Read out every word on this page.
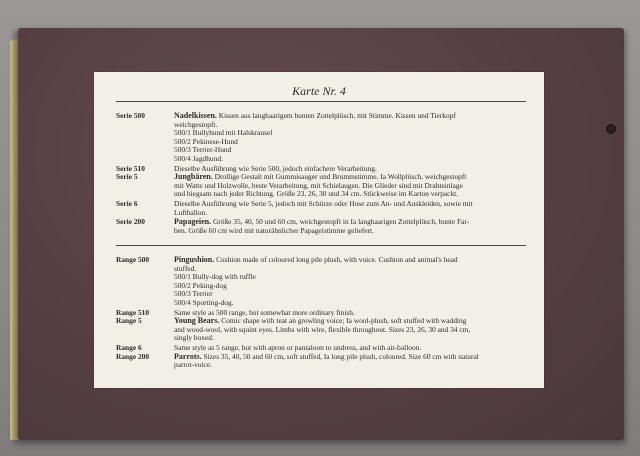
Karte Nr. 4
Serie 500	Nadelkissen. Kissen aus langhaarigem bunten Zottelplüsch, mit Stimme. Kissen und Tierkopf
weichgestopft.
500/1 Bullyhund mit Halskrausel
500/2 Pekinese-Hund
500/3 Terrier-Hund
500/4 Jagdhund.
Serie 510	Dieselbe Ausführung wie Serie 500, jedoch einfachere Verarbeitung.
Serie 5	Jungbären. Drollige Gestalt mit Gummisauger und Brummstimme. Ia Wollplüsch, weichgestopft
mit Watte und Holzwolle, beste Verarbeitung, mit Schielaugen. Die Glieder sind mit Drahteinlage
und biegsam nach jeder Richtung. Größe 23, 26, 30 und 34 cm. Stückweise im Karton verpackt.
Serie 6	Dieselbe Ausführung wie Serie 5, jedoch mit Schürze oder Hose zum An- und Auskleiden, sowie mit
Luftballon.
Serie 200	Papageien. Größe 35, 40, 50 und 60 cm, weichgestopft in Ia langhaarigen Zottelplüsch, bunte Far-
ben. Größe 60 cm wird mit naturähnlicher Papageistimme geliefert.
Range 500	Pingushion. Cushion made of coloured long pile plush, with voice. Cushion and animal's head
stuffed.
500/1 Bully-dog with ruffle
500/2 Peking-dog
500/3 Terrier
500/4 Sporting-dog.
Range 510	Same style as 500 range, but somewhat more ordinary finish.
Range 5	Young Bears. Comic shape with teat an growling voice; Ia wool-plush, soft stuffed with wadding
and wood-wool, with squint eyes. Limbs with wire, flexible throughout. Sizes 23, 26, 30 and 34 cm,
singly boxed.
Range 6	Same style as 5 range, but with apron or pantaloon to undress, and with air-balloon.
Range 200	Parrots. Sizes 35, 40, 50 and 60 cm, soft stuffed, Ia long pile plush, coloured. Size 60 cm with natural
parrot-voice.
